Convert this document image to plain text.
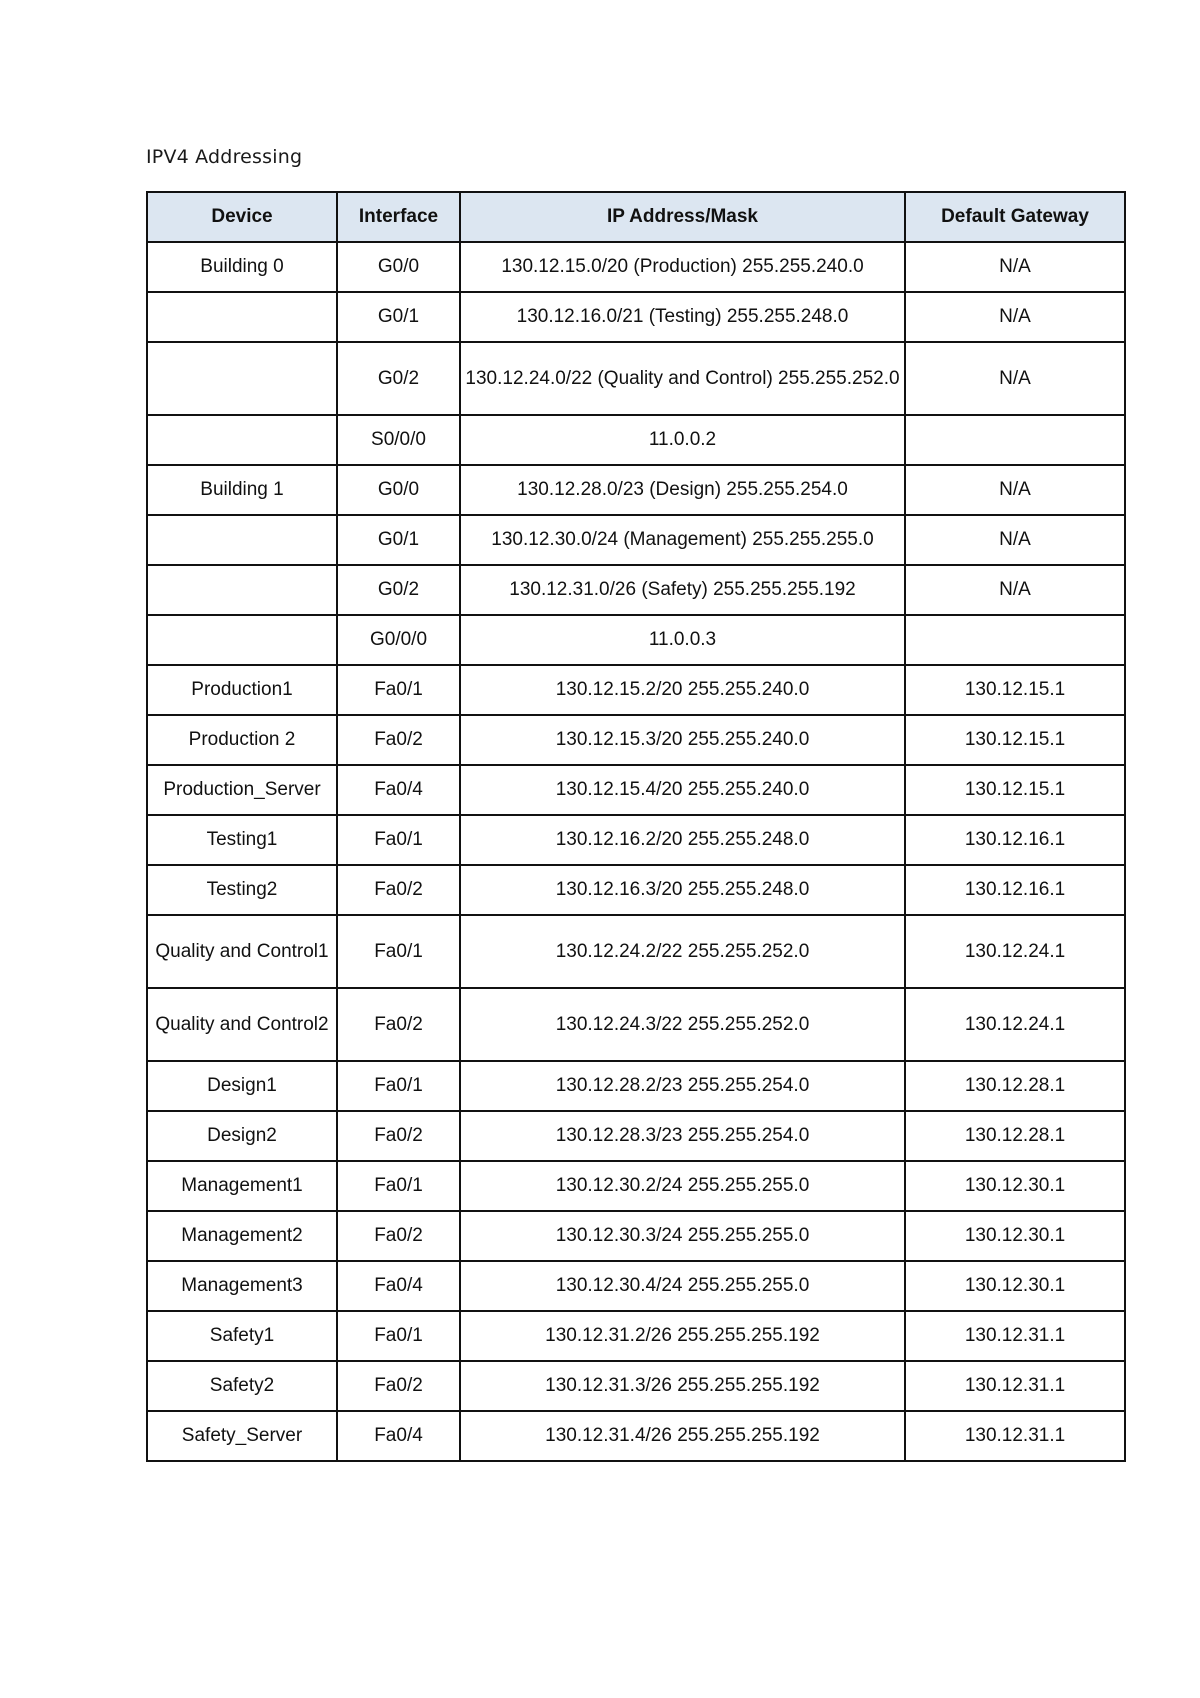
IPV4 Addressing
Device	Interface	IP Address/Mask	Default Gateway
Building 0	G0/0	130.12.15.0/20 (Production) 255.255.240.0	N/A
	G0/1	130.12.16.0/21 (Testing) 255.255.248.0	N/A
	G0/2	130.12.24.0/22 (Quality and Control) 255.255.252.0	N/A
	S0/0/0	11.0.0.2	
Building 1	G0/0	130.12.28.0/23 (Design) 255.255.254.0	N/A
	G0/1	130.12.30.0/24 (Management) 255.255.255.0	N/A
	G0/2	130.12.31.0/26 (Safety) 255.255.255.192	N/A
	G0/0/0	11.0.0.3	
Production1	Fa0/1	130.12.15.2/20 255.255.240.0	130.12.15.1
Production 2	Fa0/2	130.12.15.3/20 255.255.240.0	130.12.15.1
Production_Server	Fa0/4	130.12.15.4/20 255.255.240.0	130.12.15.1
Testing1	Fa0/1	130.12.16.2/20 255.255.248.0	130.12.16.1
Testing2	Fa0/2	130.12.16.3/20 255.255.248.0	130.12.16.1
Quality and Control1	Fa0/1	130.12.24.2/22 255.255.252.0	130.12.24.1
Quality and Control2	Fa0/2	130.12.24.3/22 255.255.252.0	130.12.24.1
Design1	Fa0/1	130.12.28.2/23 255.255.254.0	130.12.28.1
Design2	Fa0/2	130.12.28.3/23 255.255.254.0	130.12.28.1
Management1	Fa0/1	130.12.30.2/24 255.255.255.0	130.12.30.1
Management2	Fa0/2	130.12.30.3/24 255.255.255.0	130.12.30.1
Management3	Fa0/4	130.12.30.4/24 255.255.255.0	130.12.30.1
Safety1	Fa0/1	130.12.31.2/26 255.255.255.192	130.12.31.1
Safety2	Fa0/2	130.12.31.3/26 255.255.255.192	130.12.31.1
Safety_Server	Fa0/4	130.12.31.4/26 255.255.255.192	130.12.31.1
